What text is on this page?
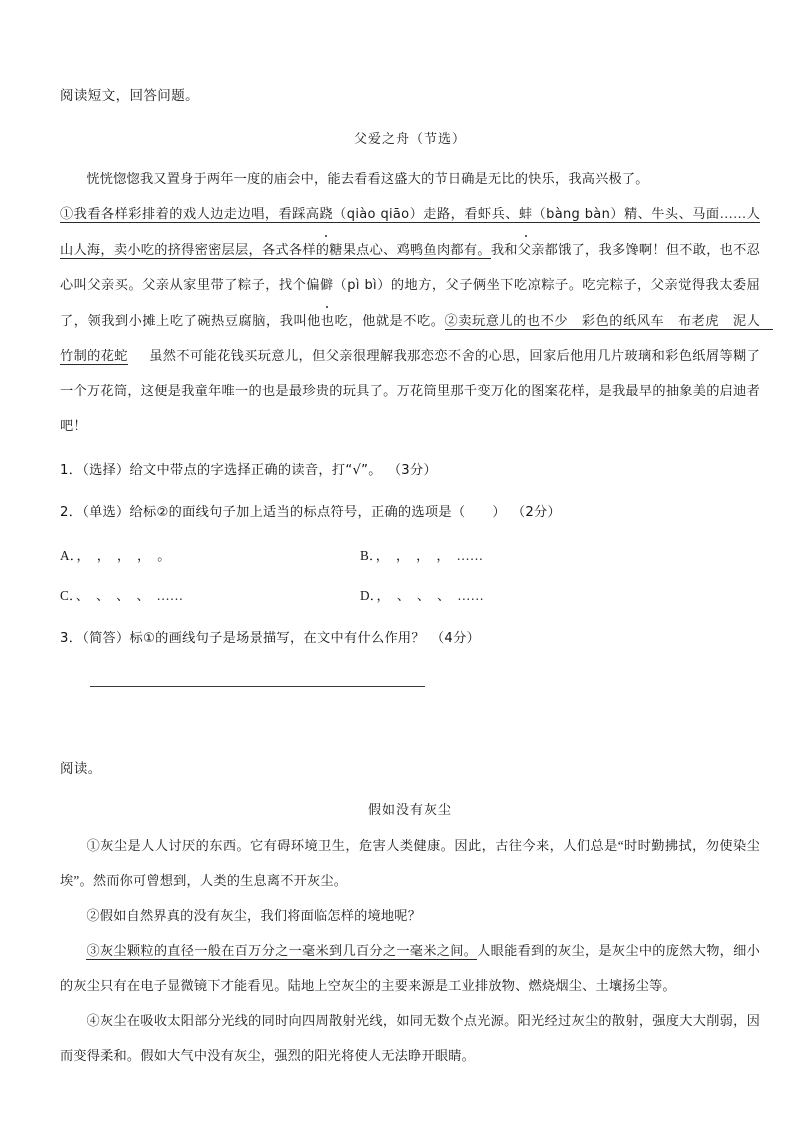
阅读短文，回答问题。
父爱之舟（节选）
恍恍惚惚我又置身于两年一度的庙会中，能去看看这盛大的节日确是无比的快乐，我高兴极了。
①我看各样彩排着的戏人边走边唱，看踩高跷（qiào qiāo）走路，看虾兵、蚌（bàng bàn）精、牛头、马面……人山人海，卖小吃的挤得密密层层，各式各样的糖果点心、鸡鸭鱼肉都有。我和父亲都饿了，我多馋啊！但不敢，也不忍心叫父亲买。父亲从家里带了粽子，找个偏僻（pì bì）的地方，父子俩坐下吃凉粽子。吃完粽子，父亲觉得我太委屈了，领我到小摊上吃了碗热豆腐脑，我叫他也吃，他就是不吃。②卖玩意儿的也不少　彩色的纸风车　布老虎　泥人　竹制的花蛇 虽然不可能花钱买玩意儿，但父亲很理解我那恋恋不舍的心思，回家后他用几片玻璃和彩色纸屑等糊了一个万花筒，这便是我童年唯一的也是最珍贵的玩具了。万花筒里那千变万化的图案花样，是我最早的抽象美的启迪者吧！
1．（选择）给文中带点的字选择正确的读音，打“√”。 （3分）
2．（单选）给标②的面线句子加上适当的标点符号，正确的选项是（　　） （2分）
A．，　，　，　，　。	B．，　，　，　，　……
C．、　、　、　、　……	D．，　、　、　、　……
3．（简答）标①的画线句子是场景描写，在文中有什么作用？ （4分）
阅读。
假如没有灰尘
①灰尘是人人讨厌的东西。它有碍环境卫生，危害人类健康。因此，古往今来，人们总是“时时勤拂拭，勿使染尘埃”。然而你可曾想到，人类的生息离不开灰尘。
②假如自然界真的没有灰尘，我们将面临怎样的境地呢？
③灰尘颗粒的直径一般在百万分之一毫米到几百分之一毫米之间。人眼能看到的灰尘，是灰尘中的庞然大物，细小的灰尘只有在电子显微镜下才能看见。陆地上空灰尘的主要来源是工业排放物、燃烧烟尘、土壤扬尘等。
④灰尘在吸收太阳部分光线的同时向四周散射光线，如同无数个点光源。阳光经过灰尘的散射，强度大大削弱，因而变得柔和。假如大气中没有灰尘，强烈的阳光将使人无法睁开眼睛。
